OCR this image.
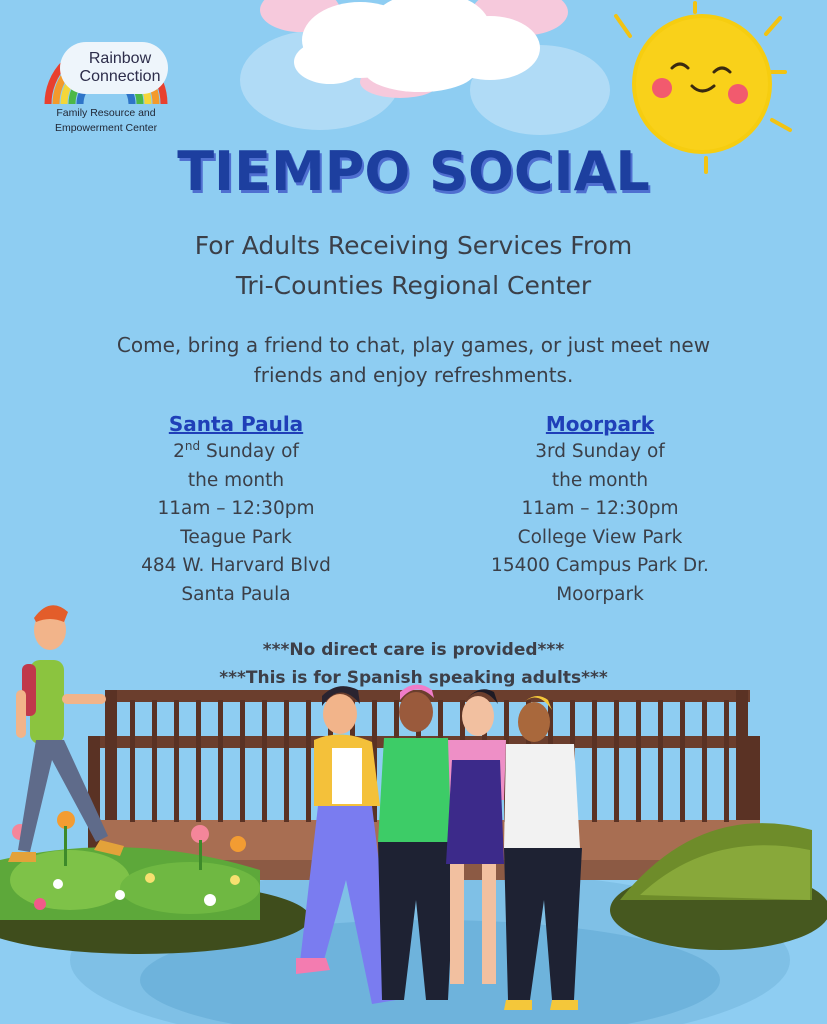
Rainbow
Connection
Family Resource and
Empowerment Center
TIEMPO SOCIAL
For Adults Receiving Services From
Tri-Counties Regional Center
Come, bring a friend to chat, play games, or just meet new
friends and enjoy refreshments.
Santa Paula
2nd Sunday of
the month
11am – 12:30pm
Teague Park
484 W. Harvard Blvd
Santa Paula
Moorpark
3rd Sunday of
the month
11am – 12:30pm
College View Park
15400 Campus Park Dr.
Moorpark
***No direct care is provided***
***This is for Spanish speaking adults***
